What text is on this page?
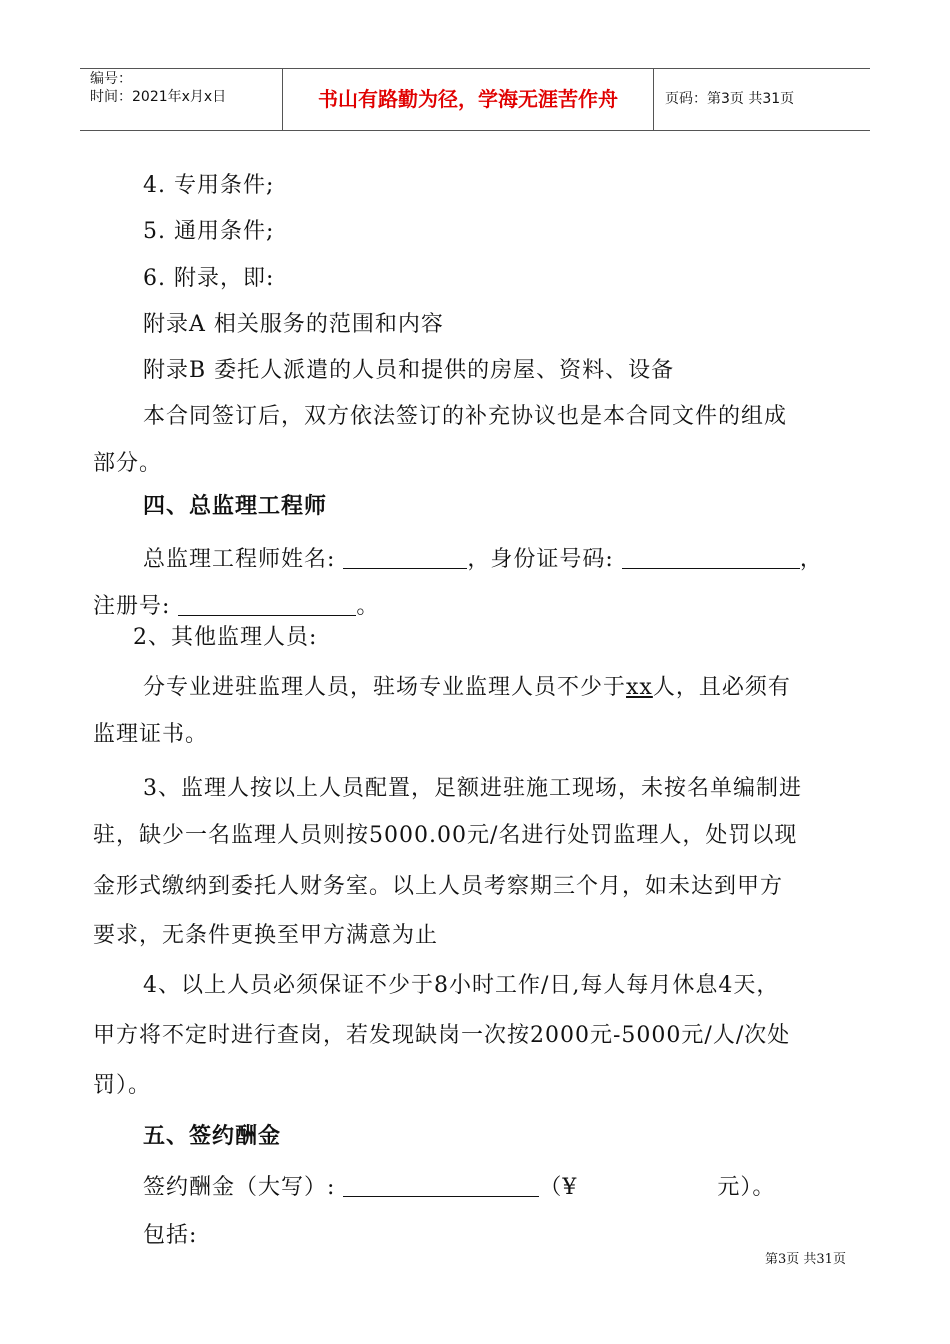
编号：
时间：2021年x月x日	书山有路勤为径，学海无涯苦作舟	页码：第3页 共31页
4. 专用条件;
5. 通用条件;
6. 附录，即:
附录A 相关服务的范围和内容
附录B 委托人派遣的人员和提供的房屋、资料、设备
本合同签订后，双方依法签订的补充协议也是本合同文件的组成
部分。
四、总监理工程师
总监理工程师姓名:	，身份证号码:	，
注册号:	。
2、其他监理人员:
分专业进驻监理人员，驻场专业监理人员不少于xx人，且必须有
监理证书。
3、监理人按以上人员配置，足额进驻施工现场，未按名单编制进
驻，缺少一名监理人员则按5000.00元/名进行处罚监理人，处罚以现
金形式缴纳到委托人财务室。以上人员考察期三个月，如未达到甲方
要求，无条件更换至甲方满意为止
4、以上人员必须保证不少于8小时工作/日,每人每月休息4天，
甲方将不定时进行查岗，若发现缺岗一次按2000元-5000元/人/次处
罚）。
五、签约酬金
签约酬金（大写）:	（¥	元）。
包括:
第3页 共31页
